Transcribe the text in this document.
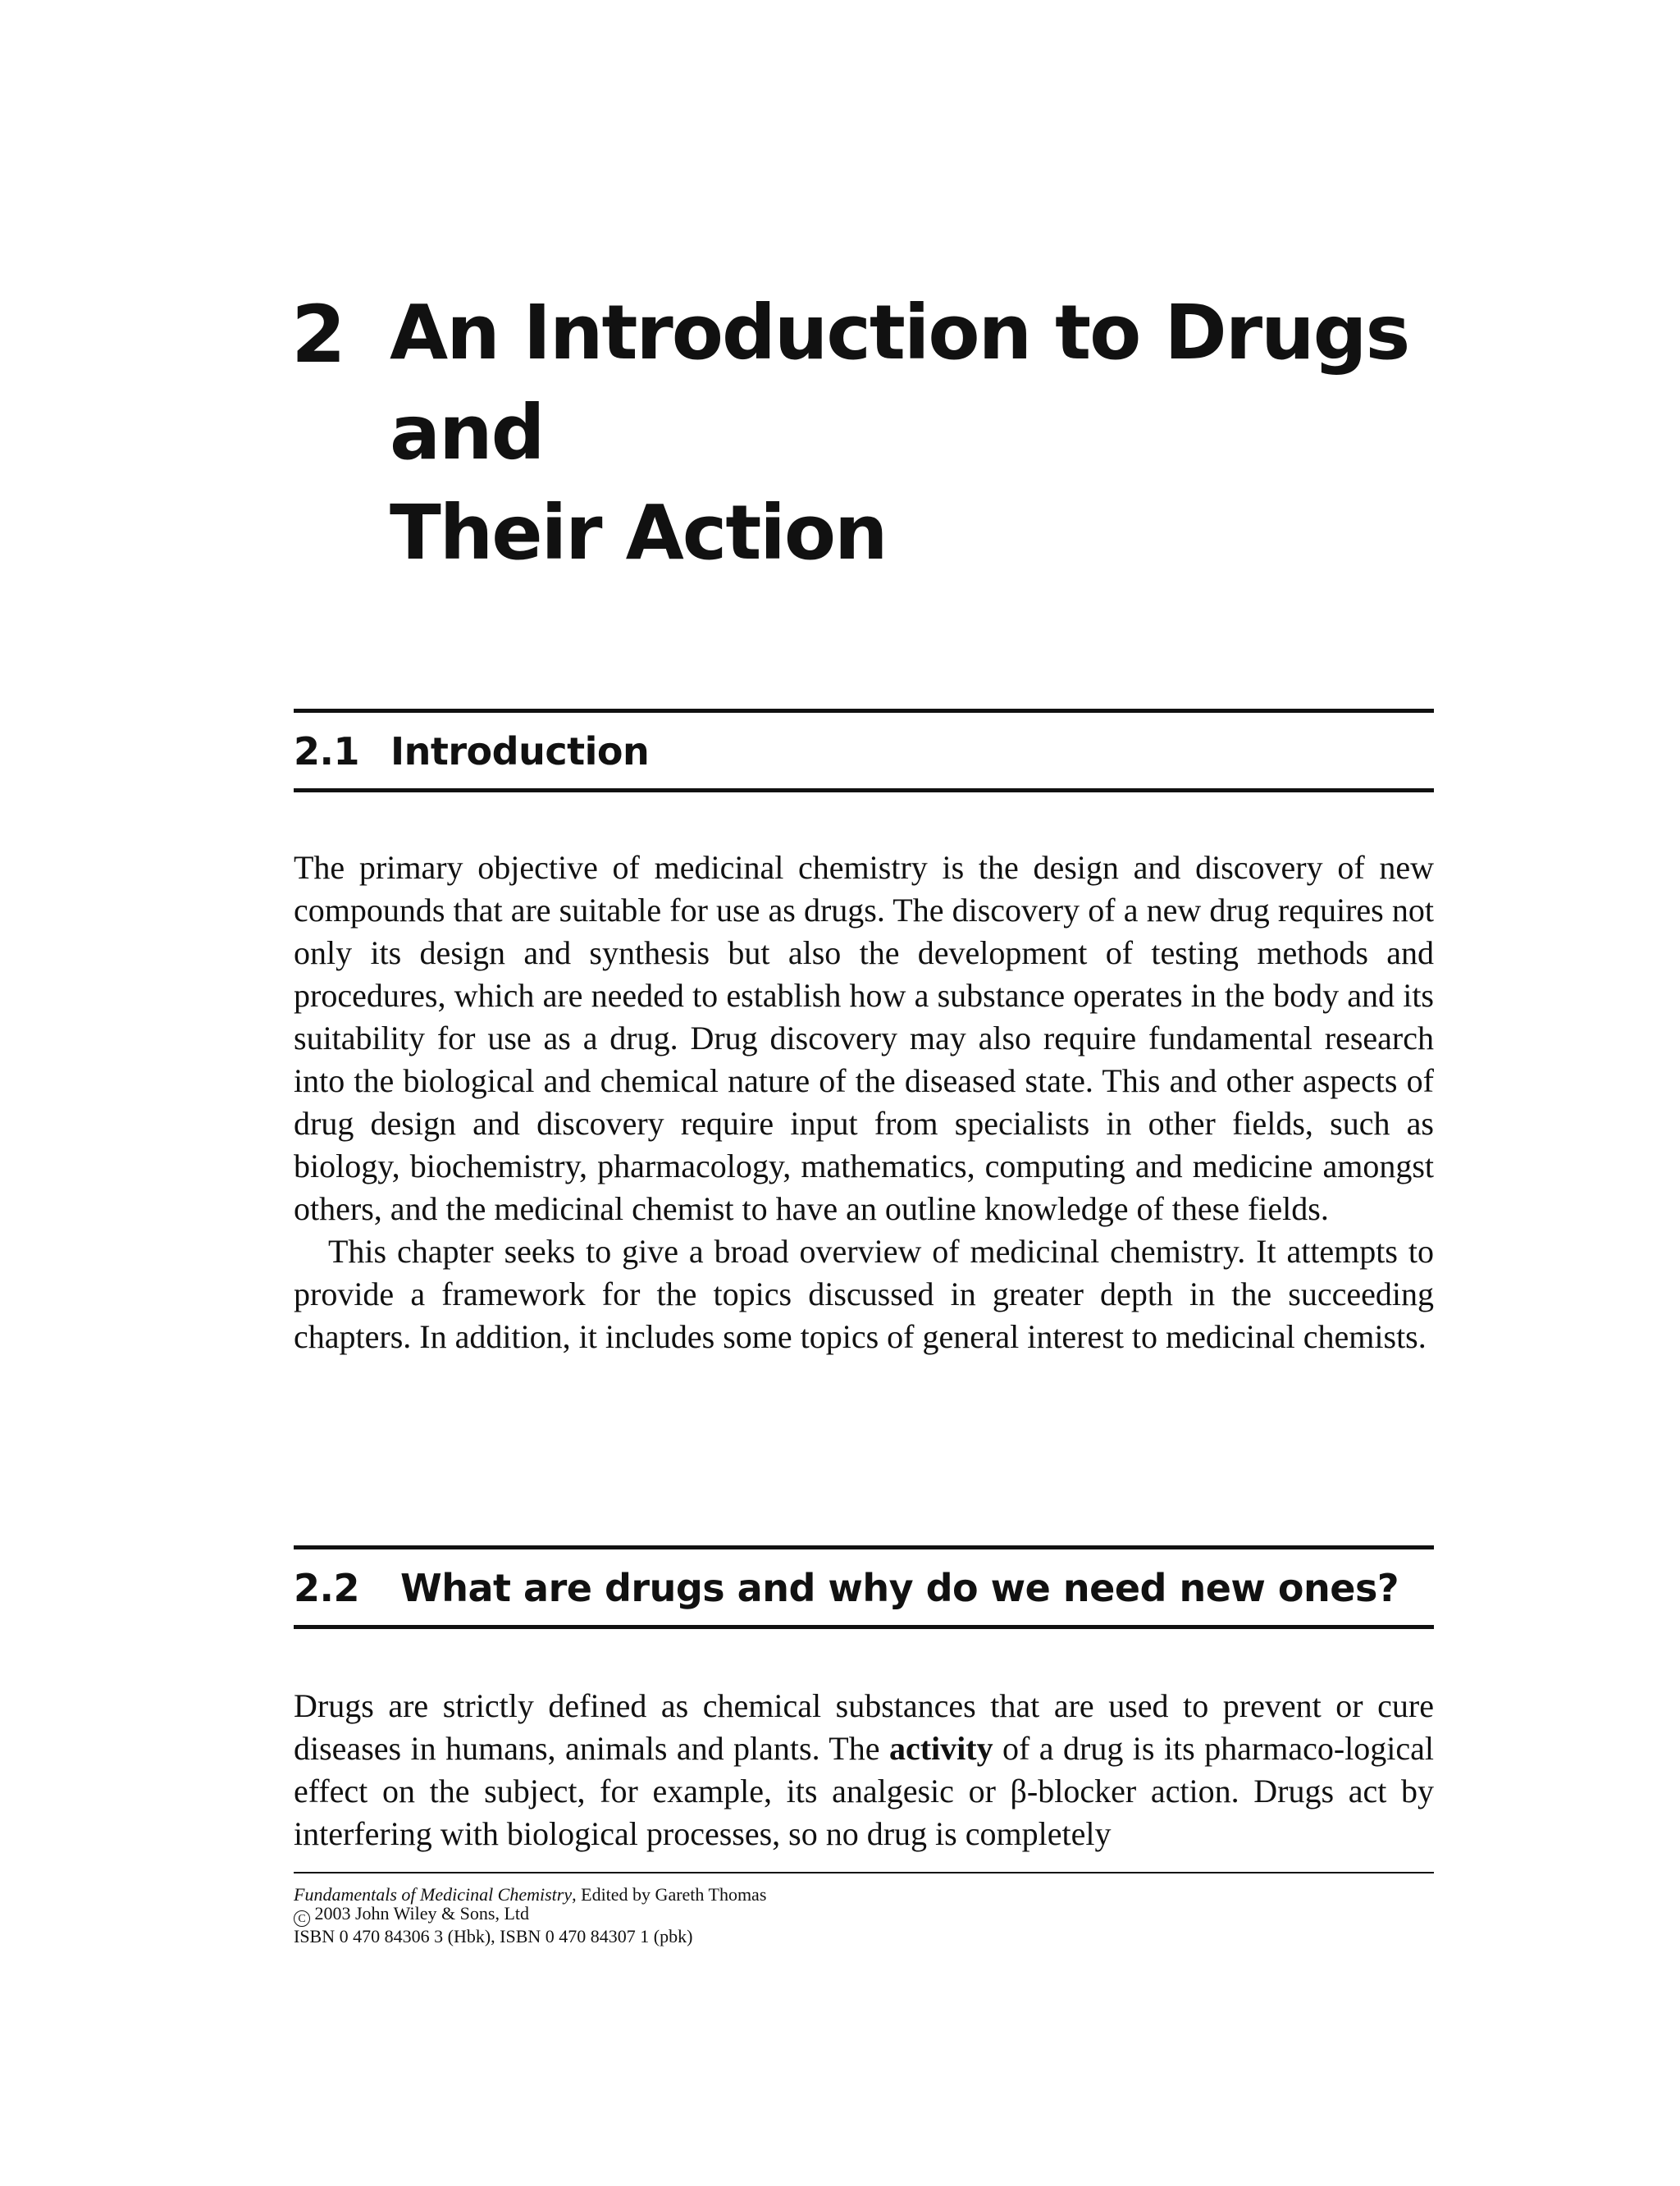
2 An Introduction to Drugs and
Their Action
2.1 Introduction

The primary objective of medicinal chemistry is the design and discovery of new compounds that are suitable for use as drugs. The discovery of a new drug requires not only its design and synthesis but also the development of testing methods and procedures, which are needed to establish how a substance operates in the body and its suitability for use as a drug. Drug discovery may also require fundamental research into the biological and chemical nature of the diseased state. This and other aspects of drug design and discovery require input from specialists in other fields, such as biology, biochemistry, pharmacology, mathematics, computing and medicine amongst others, and the medicinal chemist to have an outline knowledge of these fields.

This chapter seeks to give a broad overview of medicinal chemistry. It attempts to provide a framework for the topics discussed in greater depth in the succeeding chapters. In addition, it includes some topics of general interest to medicinal chemists.

2.2 What are drugs and why do we need new ones?

Drugs are strictly defined as chemical substances that are used to prevent or cure diseases in humans, animals and plants. The activity of a drug is its pharmaco-logical effect on the subject, for example, its analgesic or β-blocker action. Drugs act by interfering with biological processes, so no drug is completely

Fundamentals of Medicinal Chemistry, Edited by Gareth Thomas
C 2003 John Wiley & Sons, Ltd
ISBN 0 470 84306 3 (Hbk), ISBN 0 470 84307 1 (pbk)
